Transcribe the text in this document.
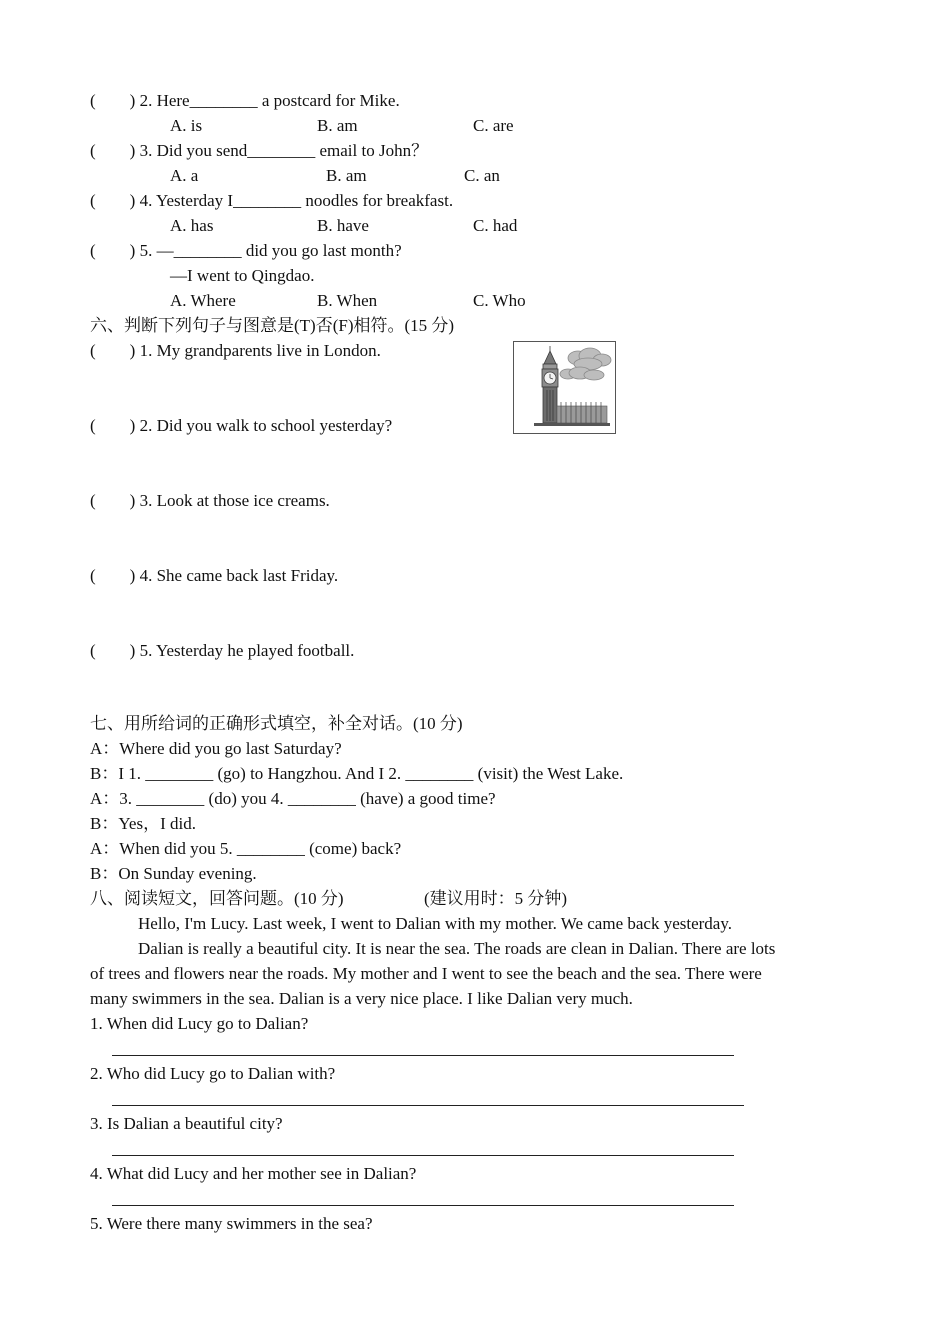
(        ) 2. Here________ a postcard for Mike.
A. is	B. am	C. are
(        ) 3. Did you send________ email to John？
A. a	B. am	C. an
(        ) 4. Yesterday I________ noodles for breakfast.
A. has	B. have	C. had
(        ) 5. —________ did you go last month?
—I went to Qingdao.
A. Where	B. When	C. Who
六、判断下列句子与图意是(T)否(F)相符。(15 分)
(        ) 1. My grandparents live in London.
(        ) 2. Did you walk to school yesterday?
(        ) 3. Look at those ice creams.
(        ) 4. She came back last Friday.
(        ) 5. Yesterday he played football.
七、用所给词的正确形式填空，补全对话。(10 分)
A：Where did you go last Saturday?
B：I 1. ________ (go) to Hangzhou. And I 2. ________ (visit) the West Lake.
A：3. ________ (do) you 4. ________ (have) a good time?
B：Yes，I did.
A：When did you 5. ________ (come) back?
B：On Sunday evening.
八、阅读短文，回答问题。(10 分)	(建议用时：5 分钟)
Hello, I'm Lucy. Last week, I went to Dalian with my mother. We came back yesterday.
Dalian is really a beautiful city. It is near the sea. The roads are clean in Dalian. There are lots
of trees and flowers near the roads. My mother and I went to see the beach and the sea. There were
many swimmers in the sea. Dalian is a very nice place. I like Dalian very much.
1. When did Lucy go to Dalian?
2. Who did Lucy go to Dalian with?
3. Is Dalian a beautiful city?
4. What did Lucy and her mother see in Dalian?
5. Were there many swimmers in the sea?
